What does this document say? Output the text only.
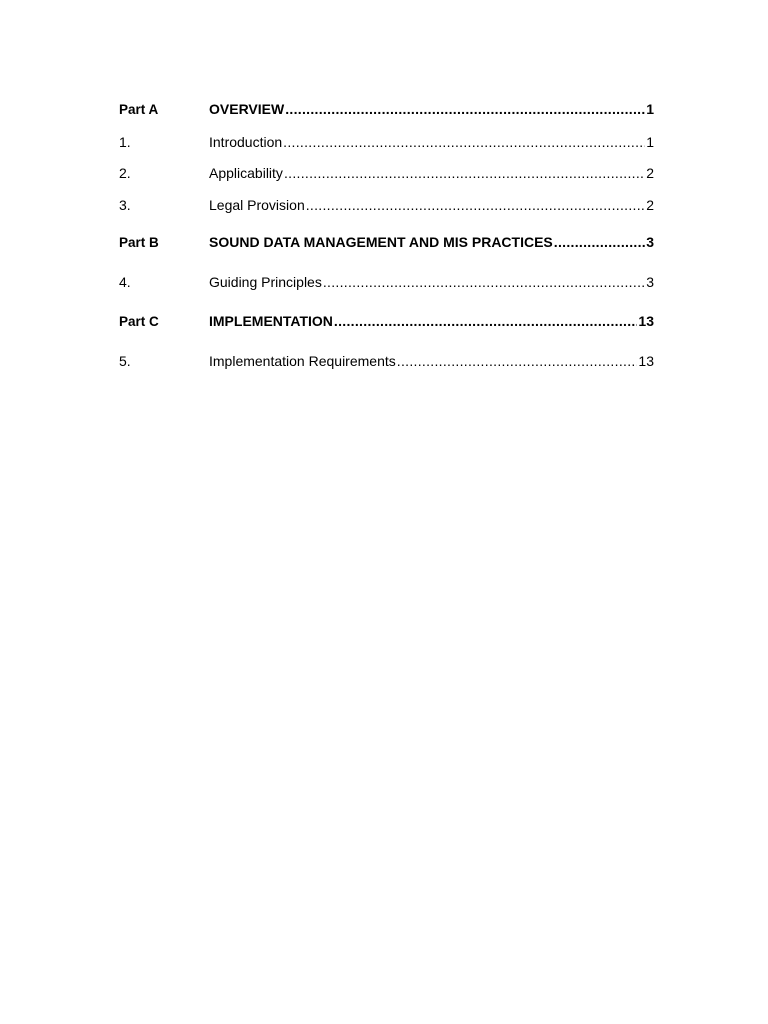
Part A	OVERVIEW .....	1
1.	Introduction .....	1
2.	Applicability .....	2
3.	Legal Provision .....	2
Part B	SOUND DATA MANAGEMENT AND MIS PRACTICES .....	3
4.	Guiding Principles .....	3
Part C	IMPLEMENTATION .....	13
5.	Implementation Requirements .....	13
